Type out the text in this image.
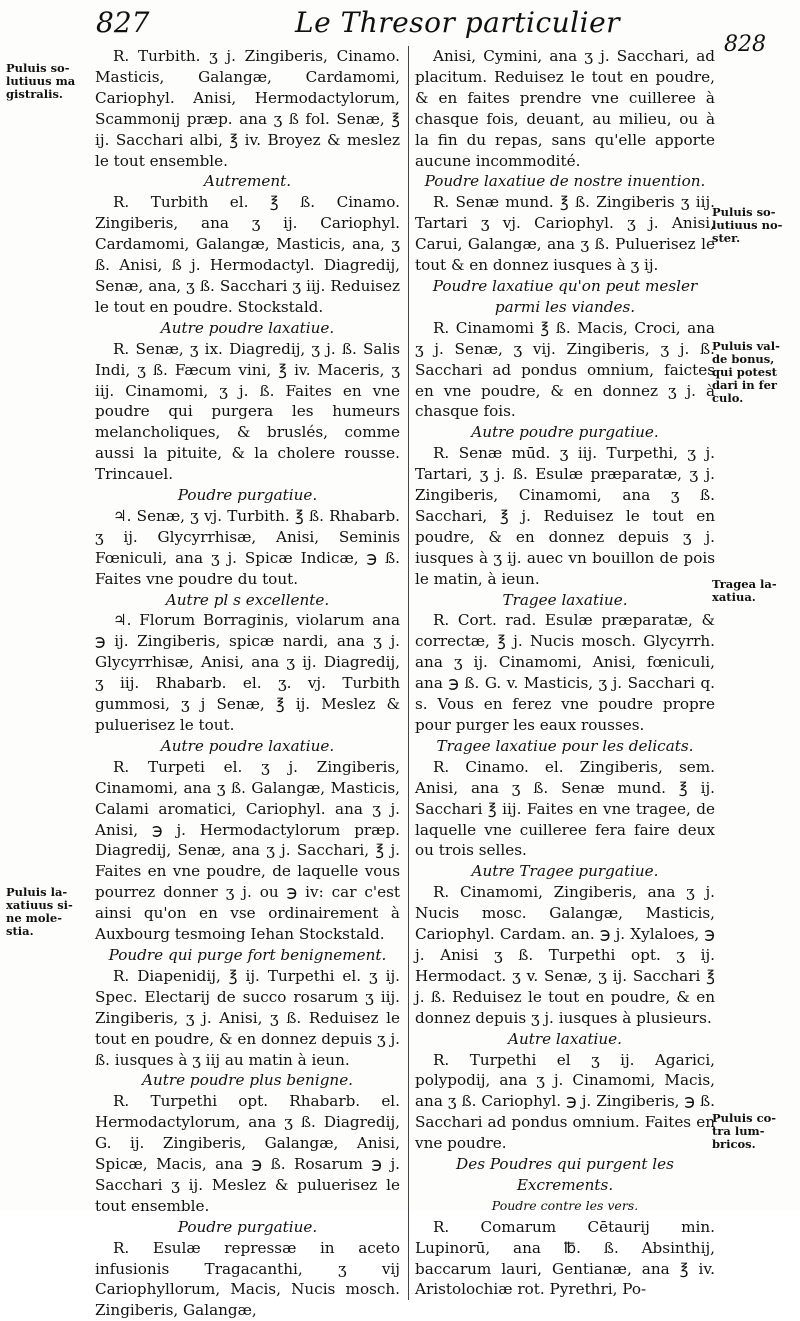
827	Le Thresor particulier
828
Puluis so- lutiuus ma gistralis.
Puluis la- xatiuus si- ne mole- stia.
Puluis so- lutiuus no- ster.
Puluis val- de bonus, qui potest dari in fer culo.
Tragea la- xatiua.
Puluis co- tra lum- bricos.

R. Turbith. ʒ j. Zingiberis, Cinamo. Masticis, Galangæ, Cardamomi, Cariophyl. Anisi, Hermodactylorum, Scammonij præp. ana ʒ ß fol. Senæ, ℥ ij. Sacchari albi, ℥ iv. Broyez & meslez le tout ensemble.

Autrement.

R. Turbith el. ℥ ß. Cinamo. Zingiberis, ana ʒ ij. Cariophyl. Cardamomi, Galangæ, Masticis, ana, ʒ ß. Anisi, ß j. Hermodactyl. Diagredij, Senæ, ana, ʒ ß. Sacchari ʒ iij. Reduisez le tout en poudre. Stockstald.

Autre poudre laxatiue.

R. Senæ, ʒ ix. Diagredij, ʒ j. ß. Salis Indi, ʒ ß. Fæcum vini, ℥ iv. Maceris, ʒ iij. Cinamomi, ʒ j. ß. Faites en vne poudre qui purgera les humeurs melancholiques, & bruslés, comme aussi la pituite, & la cholere rousse. Trincauel.

Poudre purgatiue.

♃. Senæ, ʒ vj. Turbith. ℥ ß. Rhabarb. ʒ ij. Glycyrrhisæ, Anisi, Seminis Fœniculi, ana ʒ j. Spicæ Indicæ, ℈ ß. Faites vne poudre du tout.

Autre pl s excellente.

♃. Florum Borraginis, violarum ana ℈ ij. Zingiberis, spicæ nardi, ana ʒ j. Glycyrrhisæ, Anisi, ana ʒ ij. Diagredij, ʒ iij. Rhabarb. el. ʒ. vj. Turbith gummosi, ʒ j Senæ, ℥ ij. Meslez & puluerisez le tout.

Autre poudre laxatiue.

R. Turpeti el. ʒ j. Zingiberis, Cinamomi, ana ʒ ß. Galangæ, Masticis, Calami aromatici, Cariophyl. ana ʒ j. Anisi, ℈ j. Hermodactylorum præp. Diagredij, Senæ, ana ʒ j. Sacchari, ℥ j. Faites en vne poudre, de laquelle vous pourrez donner ʒ j. ou ℈ iv: car c'est ainsi qu'on en vse ordinairement à Auxbourg tesmoing Iehan Stockstald.

Poudre qui purge fort benignement.

R. Diapenidij, ℥ ij. Turpethi el. ʒ ij. Spec. Electarij de succo rosarum ʒ iij. Zingiberis, ʒ j. Anisi, ʒ ß. Reduisez le tout en poudre, & en donnez depuis ʒ j. ß. iusques à ʒ iij au matin à ieun.

Autre poudre plus benigne.

R. Turpethi opt. Rhabarb. el. Hermodactylorum, ana ʒ ß. Diagredij, G. ij. Zingiberis, Galangæ, Anisi, Spicæ, Macis, ana ℈ ß. Rosarum ℈ j. Sacchari ʒ ij. Meslez & puluerisez le tout ensemble.

Poudre purgatiue.

R. Esulæ repressæ in aceto infusionis Tragacanthi, ʒ vij Cariophyllorum, Macis, Nucis mosch. Zingiberis, Galangæ,

Anisi, Cymini, ana ʒ j. Sacchari, ad placitum. Reduisez le tout en poudre, & en faites prendre vne cuilleree à chasque fois, deuant, au milieu, ou à la fin du repas, sans qu'elle apporte aucune incommodité.

Poudre laxatiue de nostre inuention.

R. Senæ mund. ℥ ß. Zingiberis ʒ iij. Tartari ʒ vj. Cariophyl. ʒ j. Anisi, Carui, Galangæ, ana ʒ ß. Puluerisez le tout & en donnez iusques à ʒ ij.

Poudre laxatiue qu'on peut mesler parmi les viandes.

R. Cinamomi ℥ ß. Macis, Croci, ana ʒ j. Senæ, ʒ vij. Zingiberis, ʒ j. ß. Sacchari ad pondus omnium, faictes en vne poudre, & en donnez ʒ j. à chasque fois.

Autre poudre purgatiue.

R. Senæ mūd. ʒ iij. Turpethi, ʒ j. Tartari, ʒ j. ß. Esulæ præparatæ, ʒ j. Zingiberis, Cinamomi, ana ʒ ß. Sacchari, ℥ j. Reduisez le tout en poudre, & en donnez depuis ʒ j. iusques à ʒ ij. auec vn bouillon de pois le matin, à ieun.

Tragee laxatiue.

R. Cort. rad. Esulæ præparatæ, & correctæ, ℥ j. Nucis mosch. Glycyrrh. ana ʒ ij. Cinamomi, Anisi, fœniculi, ana ℈ ß. G. v. Masticis, ʒ j. Sacchari q. s. Vous en ferez vne poudre propre pour purger les eaux rousses.

Tragee laxatiue pour les delicats.

R. Cinamo. el. Zingiberis, sem. Anisi, ana ʒ ß. Senæ mund. ℥ ij. Sacchari ℥ iij. Faites en vne tragee, de laquelle vne cuilleree fera faire deux ou trois selles.

Autre Tragee purgatiue.

R. Cinamomi, Zingiberis, ana ʒ j. Nucis mosc. Galangæ, Masticis, Cariophyl. Cardam. an. ℈ j. Xylaloes, ℈ j. Anisi ʒ ß. Turpethi opt. ʒ ij. Hermodact. ʒ v. Senæ, ʒ ij. Sacchari ℥ j. ß. Reduisez le tout en poudre, & en donnez depuis ʒ j. iusques à plusieurs.

Autre laxatiue.

R. Turpethi el ʒ ij. Agarici, polypodij, ana ʒ j. Cinamomi, Macis, ana ʒ ß. Cariophyl. ℈ j. Zingiberis, ℈ ß. Sacchari ad pondus omnium. Faites en vne poudre.

Des Poudres qui purgent les Excrements.

Poudre contre les vers.

R. Comarum Cētaurij min. Lupinorū, ana ℔. ß. Absinthij, baccarum lauri, Gentianæ, ana ℥ iv. Aristolochiæ rot. Pyrethri, Po-
